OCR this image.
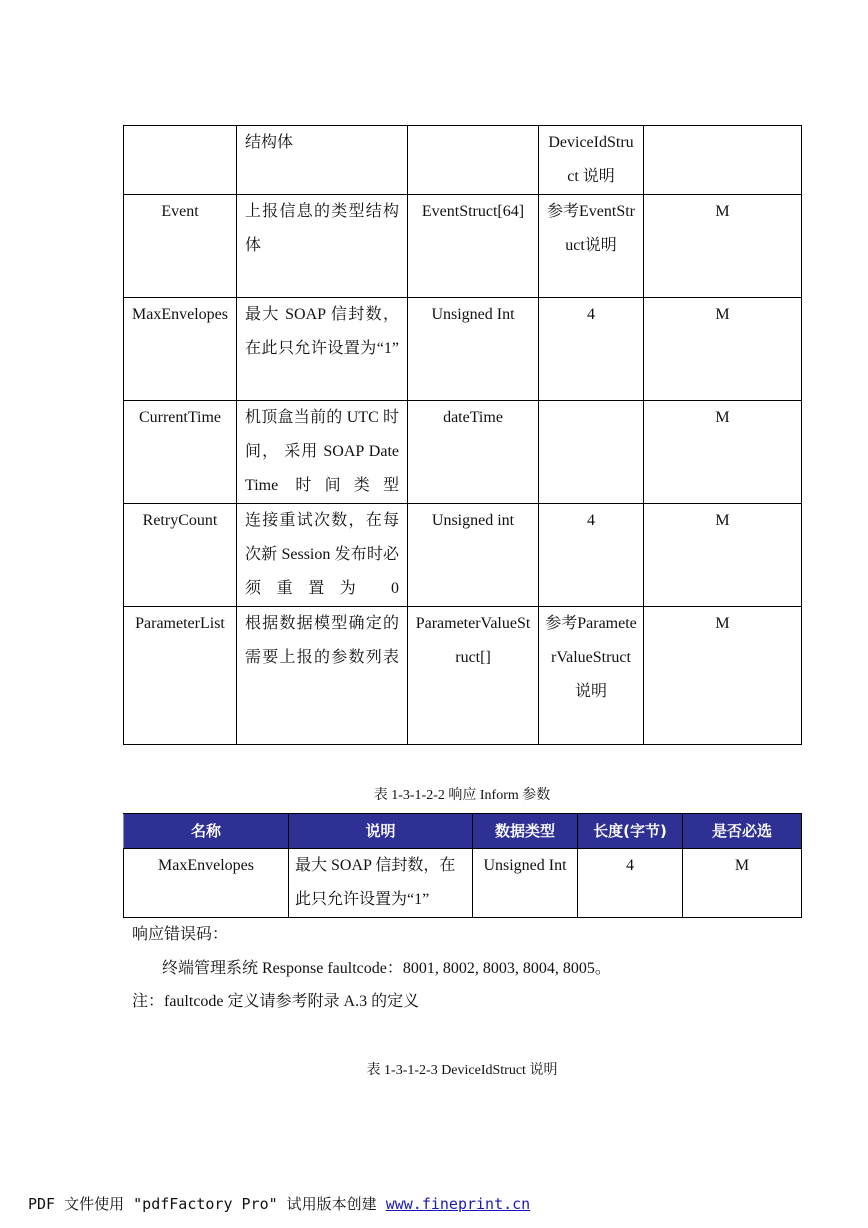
	结构体		DeviceIdStruct 说明	
Event	上报信息的类型结构体	EventStruct[64]	参考EventStruct说明	M
MaxEnvelopes	最大 SOAP 信封数，在此只允许设置为“1”	Unsigned Int	4	M
CurrentTime	机顶盒当前的 UTC 时间， 采用 SOAP DateTime 时间类型	dateTime		M
RetryCount	连接重试次数，在每次新 Session 发布时必须重置为 0	Unsigned int	4	M
ParameterList	根据数据模型确定的需要上报的参数列表	ParameterValueStruct[]	参考ParameterValueStruct说明	M
表 1-3-1-2-2 响应 Inform 参数
名称	说明	数据类型	长度(字节)	是否必选
MaxEnvelopes	最大 SOAP 信封数，在此只允许设置为“1”	Unsigned Int	4	M
响应错误码：
终端管理系统 Response faultcode：8001, 8002, 8003, 8004, 8005。
注：faultcode 定义请参考附录 A.3 的定义
表 1-3-1-2-3 DeviceIdStruct 说明
PDF 文件使用 "pdfFactory Pro" 试用版本创建 www.fineprint.cn
